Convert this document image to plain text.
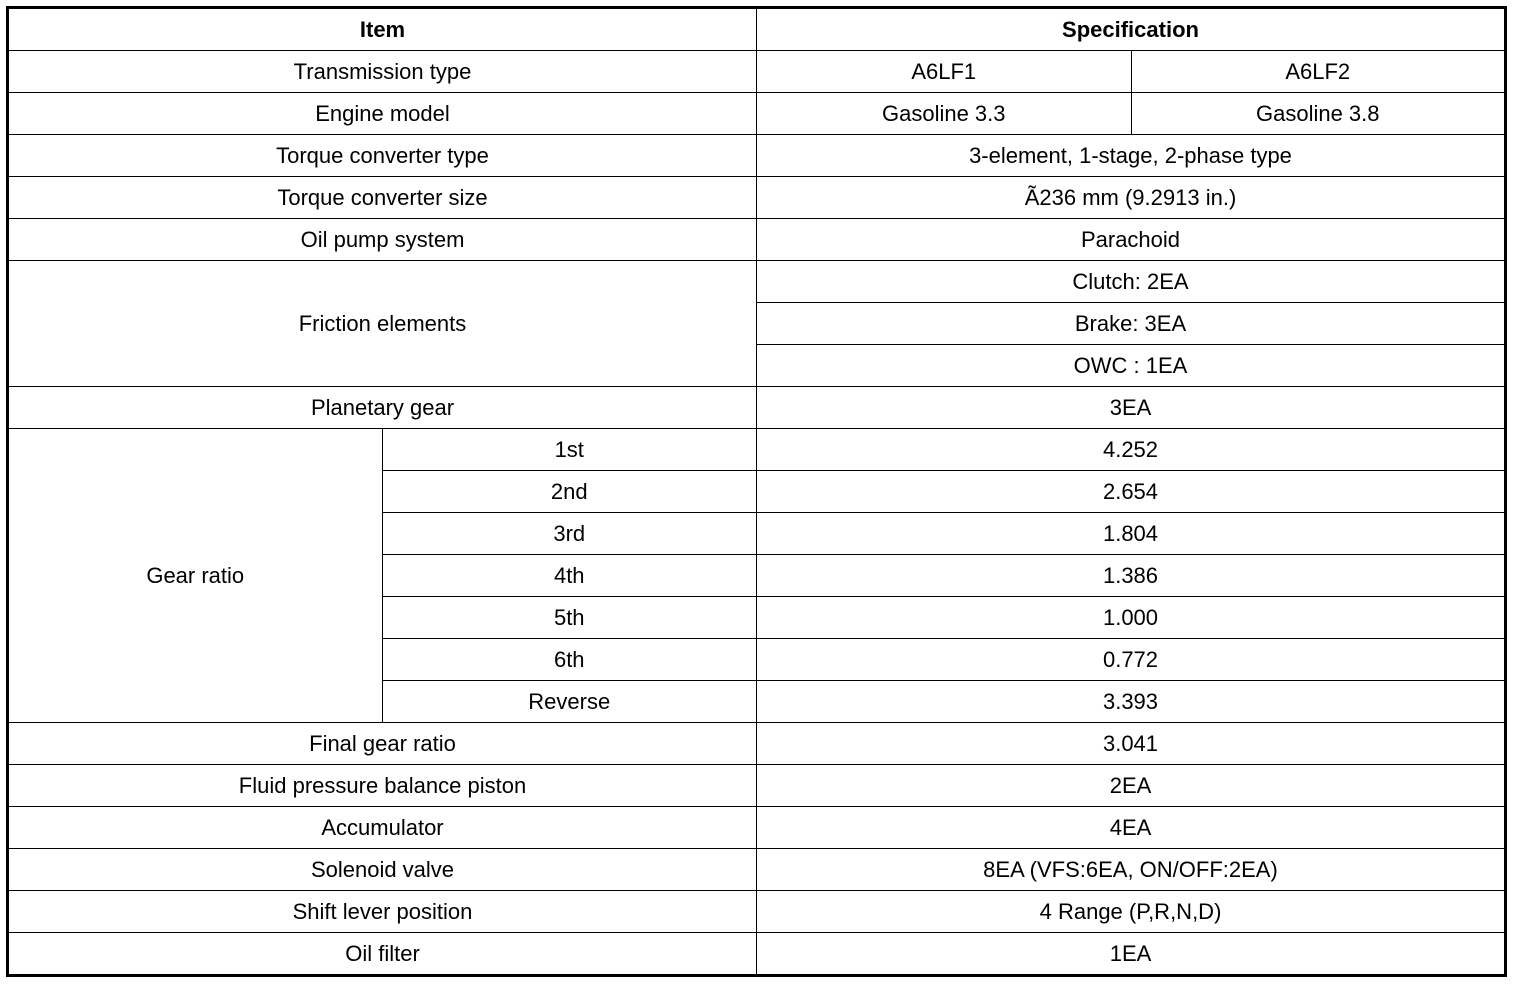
Item		Specification	
Transmission type		A6LF1	A6LF2
Engine model		Gasoline 3.3	Gasoline 3.8
Torque converter type		3-element, 1-stage, 2-phase type	
Torque converter size		Ã236 mm (9.2913 in.)	
Oil pump system		Parachoid	
Friction elements		Clutch: 2EA	
		Brake: 3EA	
		OWC : 1EA	
Planetary gear		3EA	
Gear ratio	1st	4.252	
	2nd	2.654	
	3rd	1.804	
	4th	1.386	
	5th	1.000	
	6th	0.772	
	Reverse	3.393	
Final gear ratio		3.041	
Fluid pressure balance piston		2EA	
Accumulator		4EA	
Solenoid valve		8EA (VFS:6EA, ON/OFF:2EA)	
Shift lever position		4 Range (P,R,N,D)	
Oil filter		1EA	
